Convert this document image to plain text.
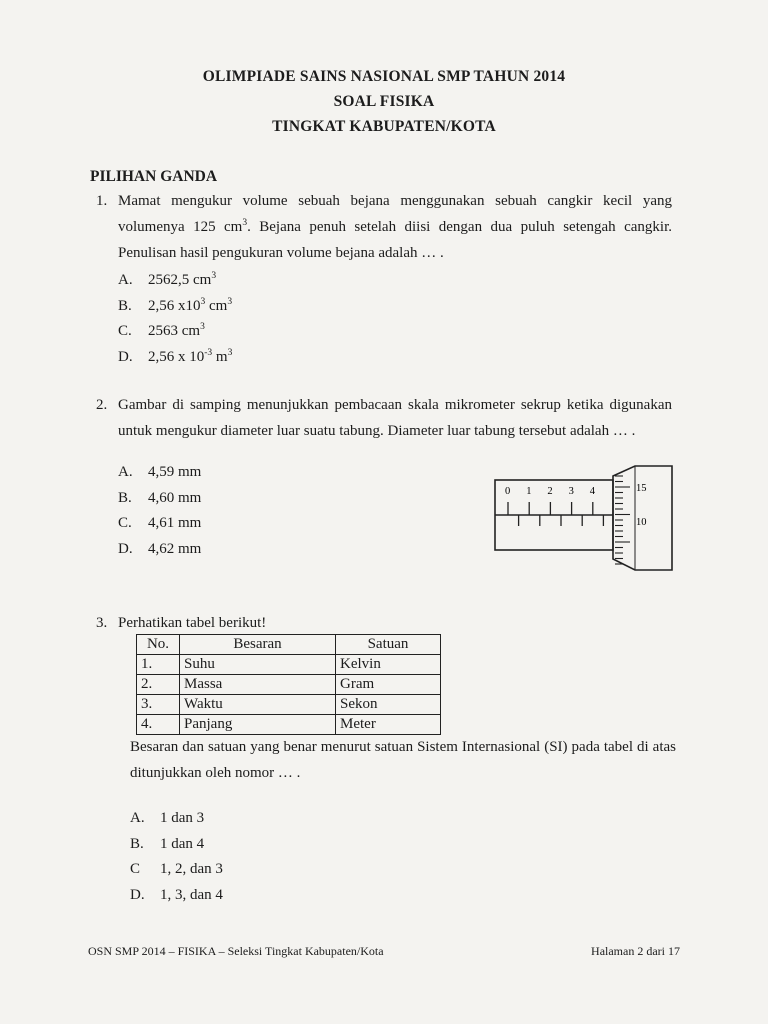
OLIMPIADE SAINS NASIONAL SMP TAHUN 2014
SOAL FISIKA
TINGKAT KABUPATEN/KOTA
PILIHAN GANDA
1. Mamat mengukur volume sebuah bejana menggunakan sebuah cangkir kecil yang volumenya 125 $cm^3$. Bejana penuh setelah diisi dengan dua puluh setengah cangkir. Penulisan hasil pengukuran volume bejana adalah … .
A. 2562,5 $cm^3$
B. 2,56 $x10^3$ $cm^3$
C. 2563 $cm^3$
D. 2,56 x $10^{-3}$ $m^3$
2. Gambar di samping menunjukkan pembacaan skala mikrometer sekrup ketika digunakan untuk mengukur diameter luar suatu tabung. Diameter luar tabung tersebut adalah … .
A. 4,59 mm
B. 4,60 mm
C. 4,61 mm
D. 4,62 mm
0 1 2 3 4	15
10
3. Perhatikan tabel berikut!
No.	Besaran	Satuan
1.	Suhu	Kelvin
2.	Massa	Gram
3.	Waktu	Sekon
4.	Panjang	Meter
Besaran dan satuan yang benar menurut satuan Sistem Internasional (SI) pada tabel di atas ditunjukkan oleh nomor … .
A. 1 dan 3
B. 1 dan 4
C 1, 2, dan 3
D. 1, 3, dan 4
OSN SMP 2014 – FISIKA – Seleksi Tingkat Kabupaten/Kota	Halaman 2 dari 17
